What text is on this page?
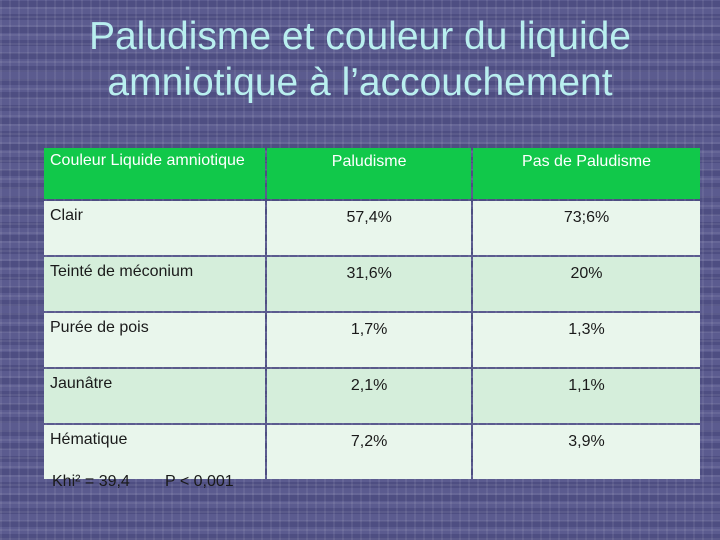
Paludisme et couleur du liquide
amniotique à l’accouchement
Couleur Liquide amniotique	Paludisme	Pas de Paludisme
Clair	57,4%	73;6%
Teinté de méconium	31,6%	20%
Purée de pois	1,7%	1,3%
Jaunâtre	2,1%	1,1%
Hématique	7,2%	3,9%
Khi² = 39,4 P < 0,001
